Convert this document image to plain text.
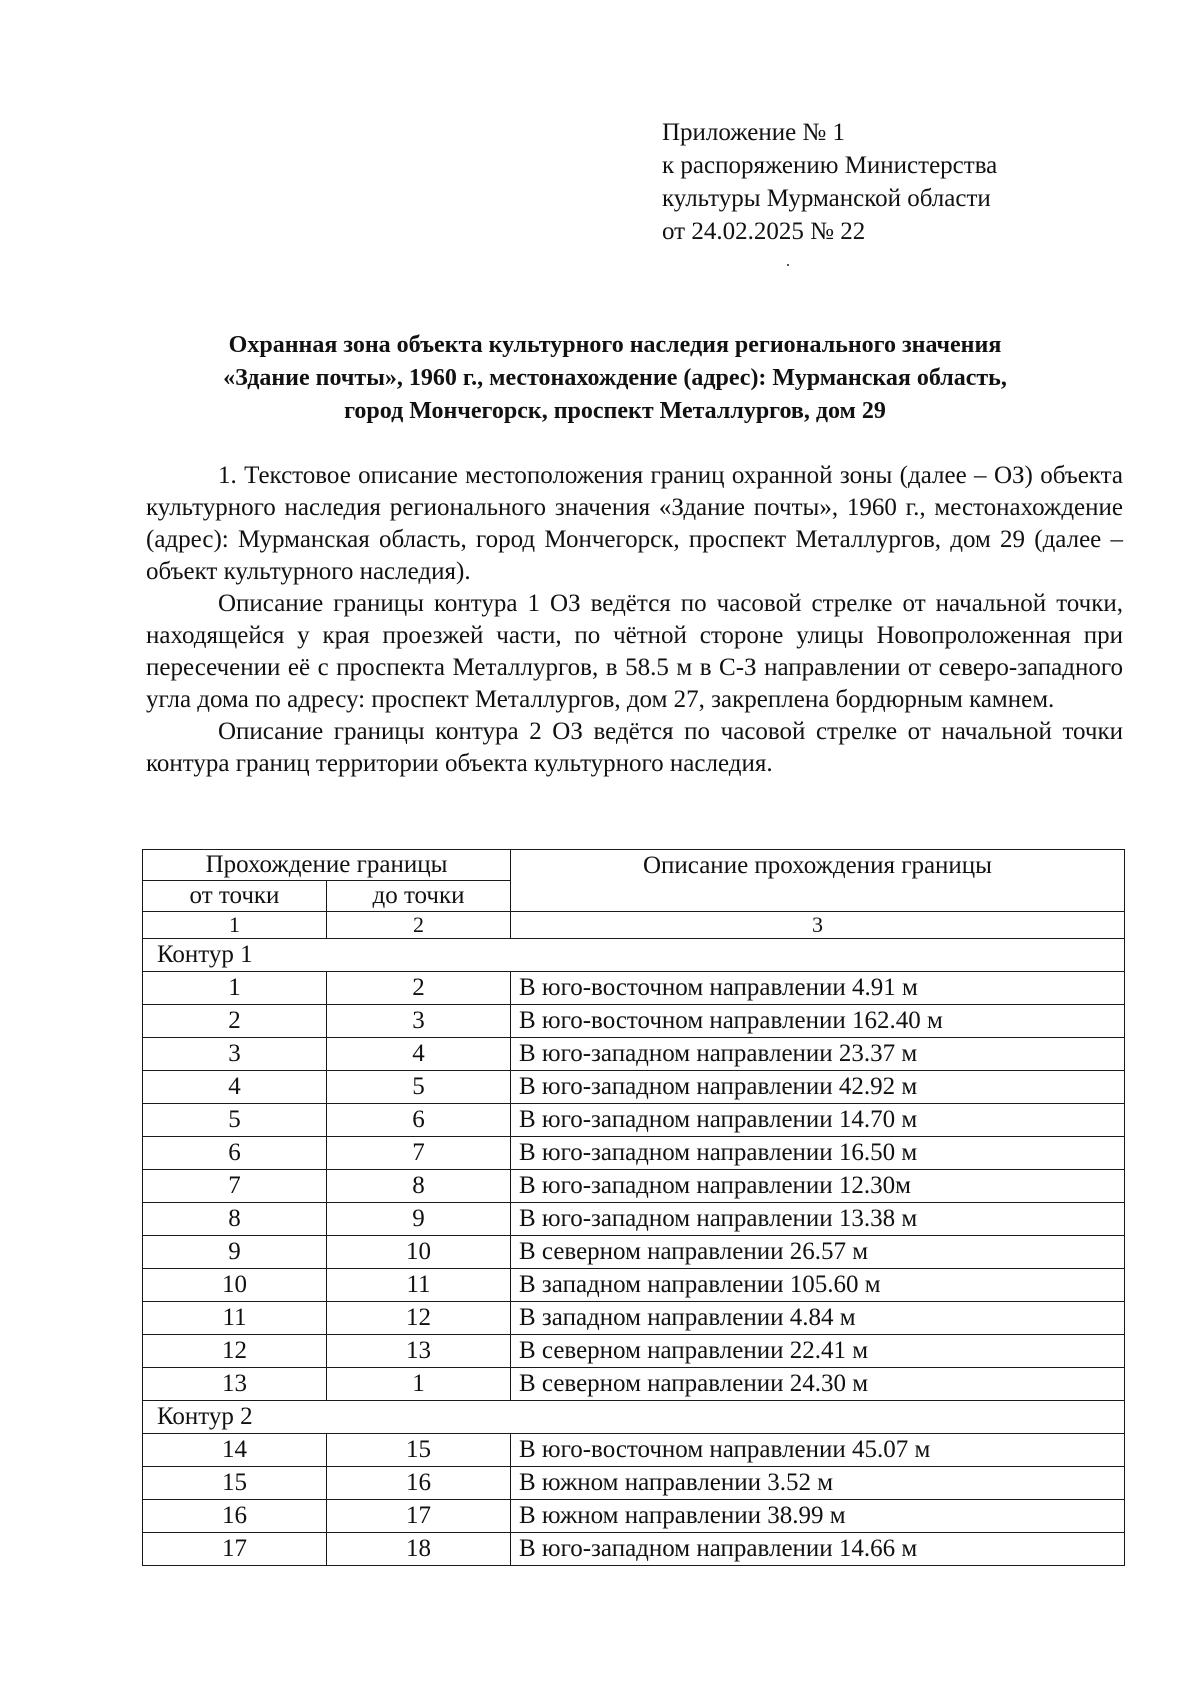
Приложение № 1
к распоряжению Министерства
культуры Мурманской области
от 24.02.2025 № 22
Охранная зона объекта культурного наследия регионального значения
«Здание почты», 1960 г., местонахождение (адрес): Мурманская область,
город Мончегорск, проспект Металлургов, дом 29

1. Текстовое описание местоположения границ охранной зоны (далее – ОЗ) объекта культурного наследия регионального значения «Здание почты», 1960 г., местонахождение (адрес): Мурманская область, город Мончегорск, проспект Металлургов, дом 29 (далее – объект культурного наследия).

Описание границы контура 1 ОЗ ведётся по часовой стрелке от начальной точки, находящейся у края проезжей части, по чётной стороне улицы Новопроложенная при пересечении её с проспекта Металлургов, в 58.5 м в С-З направлении от северо-западного угла дома по адресу: проспект Металлургов, дом 27, закреплена бордюрным камнем.

Описание границы контура 2 ОЗ ведётся по часовой стрелке от начальной точки контура границ территории объекта культурного наследия.

Прохождение границы		Описание прохождения границы
от точки	до точки	
1	2	3
Контур 1		
1	2	В юго-восточном направлении 4.91 м
2	3	В юго-восточном направлении 162.40 м
3	4	В юго-западном направлении 23.37 м
4	5	В юго-западном направлении 42.92 м
5	6	В юго-западном направлении 14.70 м
6	7	В юго-западном направлении 16.50 м
7	8	В юго-западном направлении 12.30м
8	9	В юго-западном направлении 13.38 м
9	10	В северном направлении 26.57 м
10	11	В западном направлении 105.60 м
11	12	В западном направлении 4.84 м
12	13	В северном направлении 22.41 м
13	1	В северном направлении 24.30 м
Контур 2		
14	15	В юго-восточном направлении 45.07 м
15	16	В южном направлении 3.52 м
16	17	В южном направлении 38.99 м
17	18	В юго-западном направлении 14.66 м
